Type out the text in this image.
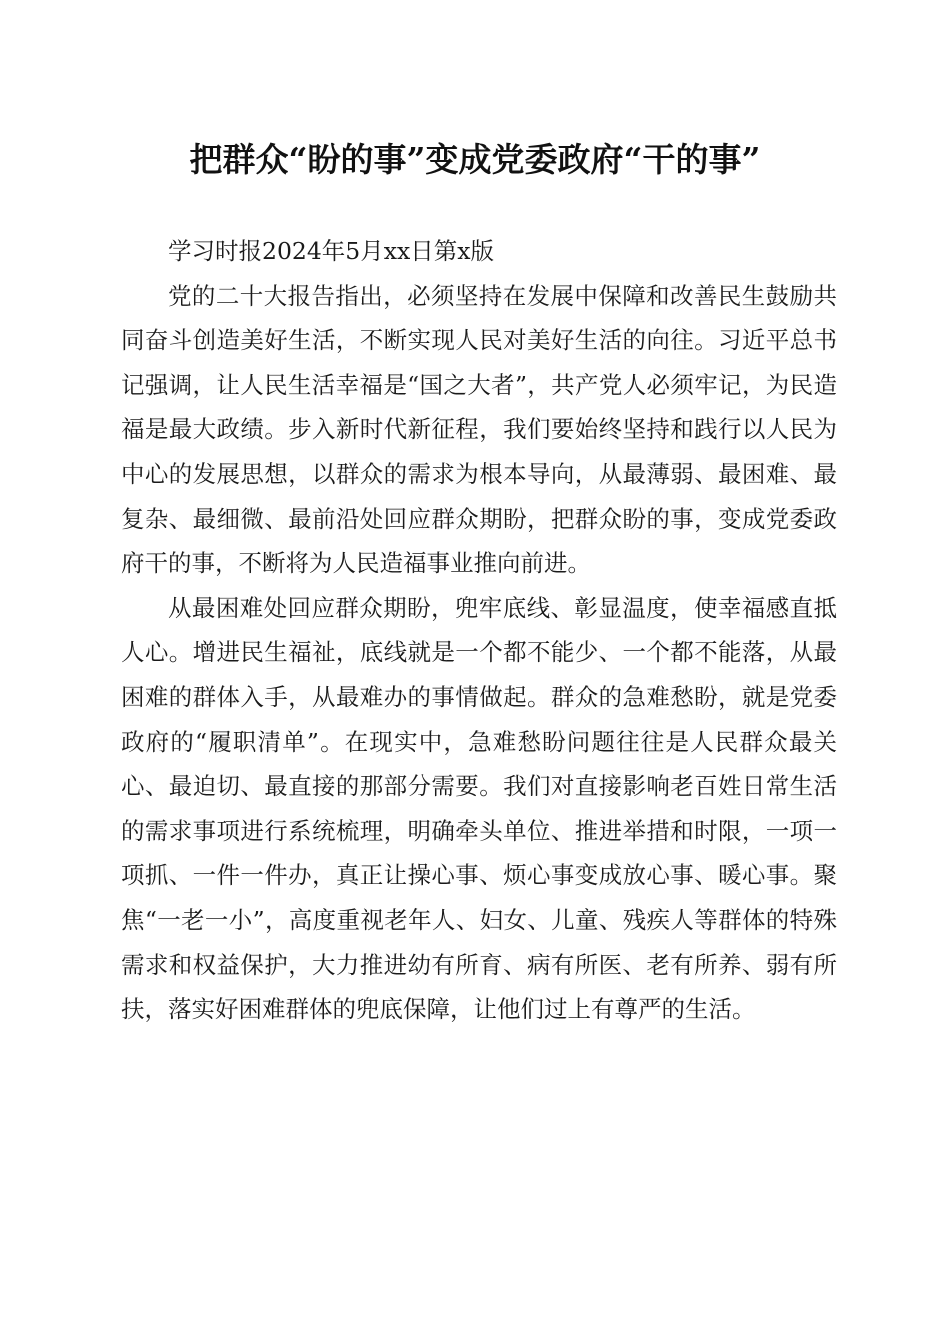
把群众“盼的事”变成党委政府“干的事”

学习时报2024年5月xx日第x版

党的二十大报告指出，必须坚持在发展中保障和改善民生鼓励共同奋斗创造美好生活，不断实现人民对美好生活的向往。习近平总书记强调，让人民生活幸福是“国之大者”，共产党人必须牢记，为民造福是最大政绩。步入新时代新征程，我们要始终坚持和践行以人民为中心的发展思想，以群众的需求为根本导向，从最薄弱、最困难、最复杂、最细微、最前沿处回应群众期盼，把群众盼的事，变成党委政府干的事，不断将为人民造福事业推向前进。

从最困难处回应群众期盼，兜牢底线、彰显温度，使幸福感直抵人心。增进民生福祉，底线就是一个都不能少、一个都不能落，从最困难的群体入手，从最难办的事情做起。群众的急难愁盼，就是党委政府的“履职清单”。在现实中，急难愁盼问题往往是人民群众最关心、最迫切、最直接的那部分需要。我们对直接影响老百姓日常生活的需求事项进行系统梳理，明确牵头单位、推进举措和时限，一项一项抓、一件一件办，真正让操心事、烦心事变成放心事、暖心事。聚焦“一老一小”，高度重视老年人、妇女、儿童、残疾人等群体的特殊需求和权益保护，大力推进幼有所育、病有所医、老有所养、弱有所扶，落实好困难群体的兜底保障，让他们过上有尊严的生活。
